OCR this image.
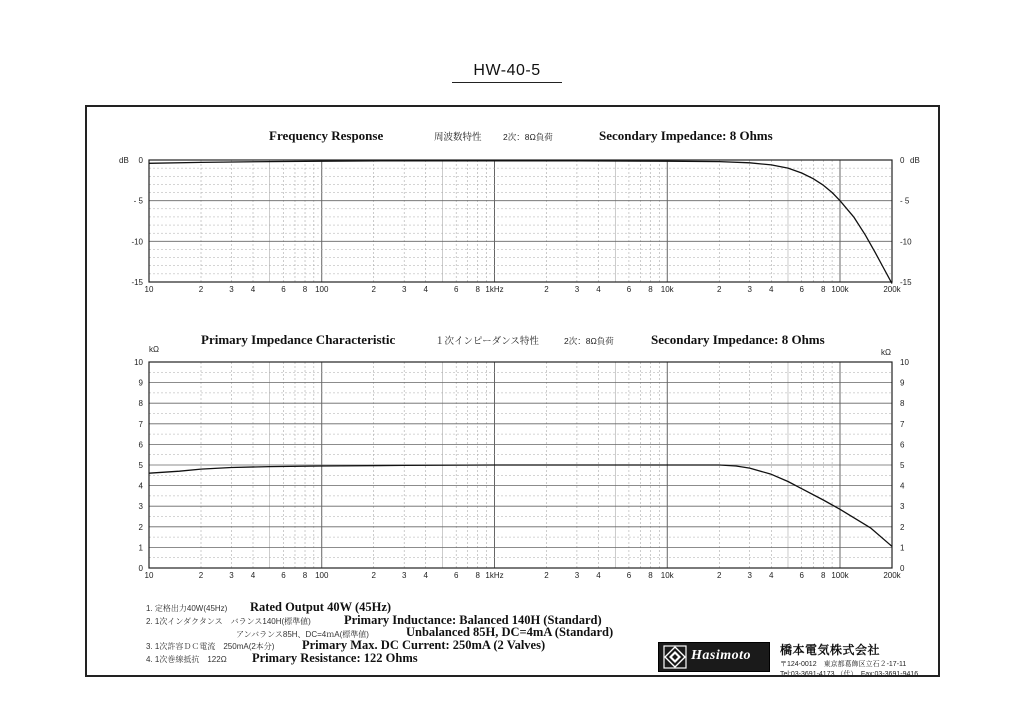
HW-40-5
0	0
- 5	- 5
-10	-10
-15	-15
dB	dB
10	2	3 4	6 8 100	2	3 4	6 8 1kHz	2	3 4	6 8 10k	2	3 4	6 8 100k	200k
Frequency Response	周波数特性	2次：8Ω負荷	Secondary Impedance: 8 Ohms
0	0
1	1
2	2
3	3
4	4
5	5
6	6
7	7
8	8
9	9
10	10
kΩ	kΩ
10	2	3 4	6 8 100	2	3 4	6 8 1kHz	2	3 4	6 8 10k	2	3 4	6 8 100k	200k
Primary Impedance Characteristic	１次インピーダンス特性	2次：8Ω負荷	Secondary Impedance: 8 Ohms
1. 定格出力40W(45Hz) Rated Output 40W (45Hz)
2. 1次インダクタンス　バランス140H(標準値)	Primary Inductance: Balanced 140H (Standard)
アンバランス85H、DC=4ｍA(標準値)	Unbalanced 85H, DC=4mA (Standard)
3. 1次許容ＤＣ電流　250mA(2本分) Primary Max. DC Current: 250mA (2 Valves)
4. 1次巻線抵抗　122Ω Primary Resistance: 122 Ohms	Hasimoto 橋本電気株式会社
〒124-0012　東京都葛飾区立石２-17-11
Tel:03-3691-4173 （代）　Fax:03-3691-9416
